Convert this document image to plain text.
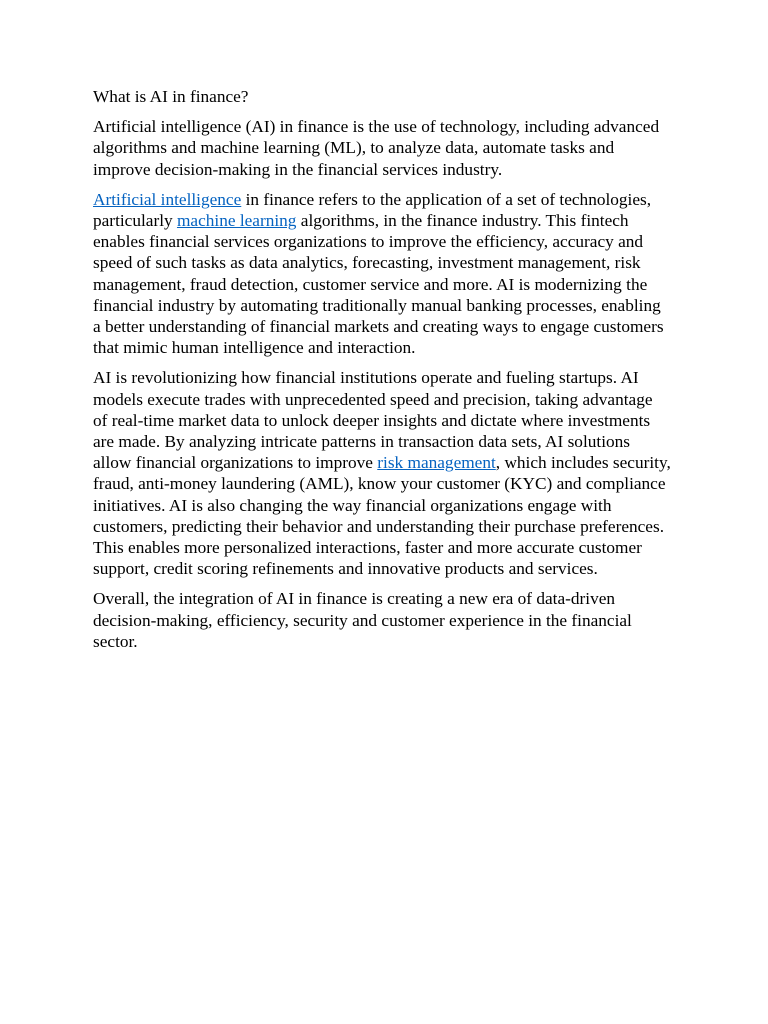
What is AI in finance?

Artificial intelligence (AI) in finance is the use of technology, including advanced algorithms and machine learning (ML), to analyze data, automate tasks and improve decision-making in the financial services industry.

Artificial intelligence in finance refers to the application of a set of technologies, particularly machine learning algorithms, in the finance industry. This fintech enables financial services organizations to improve the efficiency, accuracy and speed of such tasks as data analytics, forecasting, investment management, risk management, fraud detection, customer service and more. AI is modernizing the financial industry by automating traditionally manual banking processes, enabling a better understanding of financial markets and creating ways to engage customers that mimic human intelligence and interaction.

AI is revolutionizing how financial institutions operate and fueling startups. AI models execute trades with unprecedented speed and precision, taking advantage of real-time market data to unlock deeper insights and dictate where investments are made. By analyzing intricate patterns in transaction data sets, AI solutions allow financial organizations to improve risk management, which includes security, fraud, anti-money laundering (AML), know your customer (KYC) and compliance initiatives. AI is also changing the way financial organizations engage with customers, predicting their behavior and understanding their purchase preferences. This enables more personalized interactions, faster and more accurate customer support, credit scoring refinements and innovative products and services.

Overall, the integration of AI in finance is creating a new era of data-driven decision-making, efficiency, security and customer experience in the financial sector.
